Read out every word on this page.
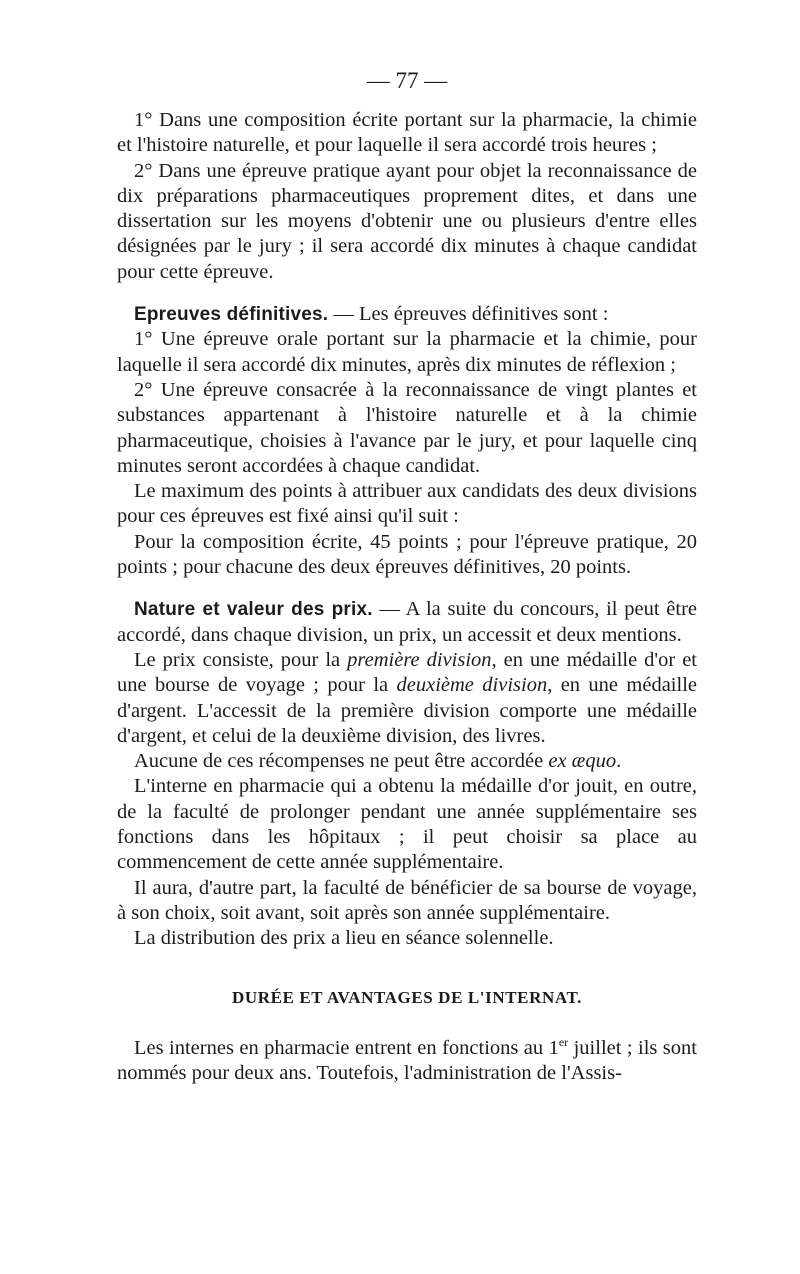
— 77 —

1° Dans une composition écrite portant sur la pharmacie, la chimie et l'histoire naturelle, et pour laquelle il sera accordé trois heures ;

2° Dans une épreuve pratique ayant pour objet la reconnaissance de dix préparations pharmaceutiques proprement dites, et dans une dissertation sur les moyens d'obtenir une ou plusieurs d'entre elles désignées par le jury ; il sera accordé dix minutes à chaque candidat pour cette épreuve.

Epreuves définitives. — Les épreuves définitives sont :

1° Une épreuve orale portant sur la pharmacie et la chimie, pour laquelle il sera accordé dix minutes, après dix minutes de réflexion ;

2° Une épreuve consacrée à la reconnaissance de vingt plantes et substances appartenant à l'histoire naturelle et à la chimie pharmaceutique, choisies à l'avance par le jury, et pour laquelle cinq minutes seront accordées à chaque candidat.

Le maximum des points à attribuer aux candidats des deux divisions pour ces épreuves est fixé ainsi qu'il suit :

Pour la composition écrite, 45 points ; pour l'épreuve pratique, 20 points ; pour chacune des deux épreuves définitives, 20 points.

Nature et valeur des prix. — A la suite du concours, il peut être accordé, dans chaque division, un prix, un accessit et deux mentions.

Le prix consiste, pour la première division, en une médaille d'or et une bourse de voyage ; pour la deuxième division, en une médaille d'argent. L'accessit de la première division comporte une médaille d'argent, et celui de la deuxième division, des livres.

Aucune de ces récompenses ne peut être accordée ex æquo.

L'interne en pharmacie qui a obtenu la médaille d'or jouit, en outre, de la faculté de prolonger pendant une année supplémentaire ses fonctions dans les hôpitaux ; il peut choisir sa place au commencement de cette année supplémentaire.

Il aura, d'autre part, la faculté de bénéficier de sa bourse de voyage, à son choix, soit avant, soit après son année supplémentaire.

La distribution des prix a lieu en séance solennelle.

DURÉE ET AVANTAGES DE L'INTERNAT.

Les internes en pharmacie entrent en fonctions au 1er juillet ; ils sont nommés pour deux ans. Toutefois, l'administration de l'Assis-
